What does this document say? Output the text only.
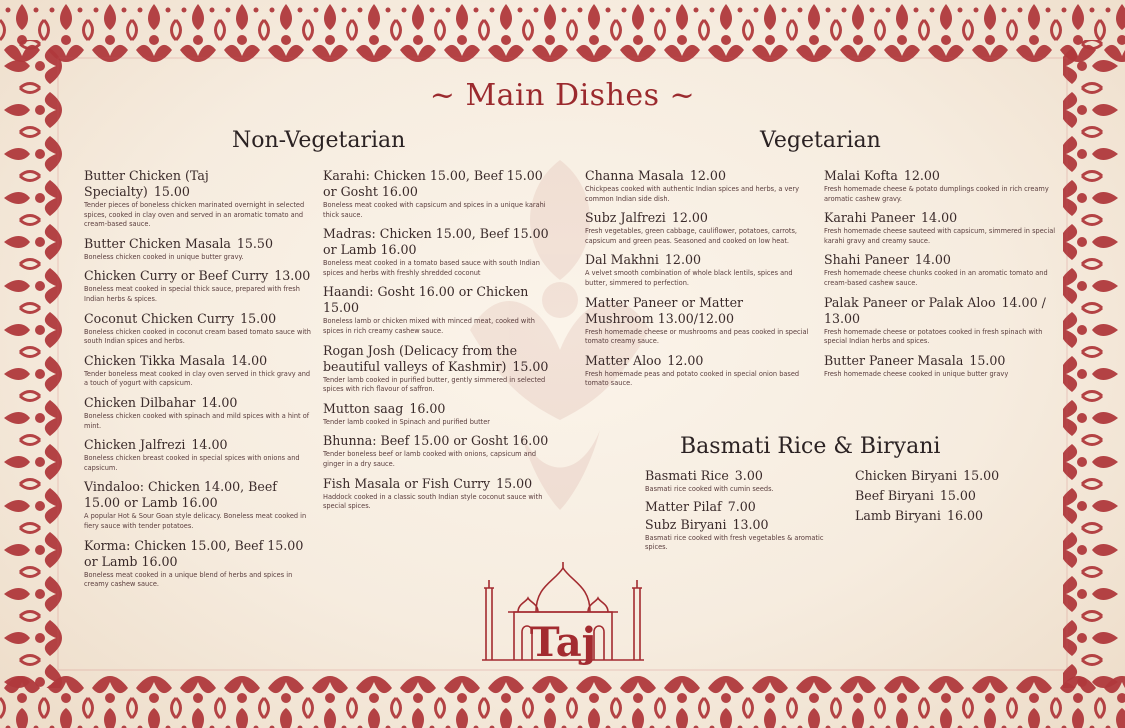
~ Main Dishes ~
Non-Vegetarian	Vegetarian
Basmati Rice & Biryani
Butter Chicken (Taj Specialty) 15.00
Tender pieces of boneless chicken marinated overnight in selected spices, cooked in clay oven and served in an aromatic tomato and cream-based sauce.
Butter Chicken Masala 15.50
Boneless chicken cooked in unique butter gravy.
Chicken Curry or Beef Curry 13.00
Boneless meat cooked in special thick sauce, prepared with fresh Indian herbs & spices.
Coconut Chicken Curry 15.00
Boneless chicken cooked in coconut cream based tomato sauce with south Indian spices and herbs.
Chicken Tikka Masala 14.00
Tender boneless meat cooked in clay oven served in thick gravy and a touch of yogurt with capsicum.
Chicken Dilbahar 14.00
Boneless chicken cooked with spinach and mild spices with a hint of mint.
Chicken Jalfrezi 14.00
Boneless chicken breast cooked in special spices with onions and capsicum.
Vindaloo: Chicken 14.00, Beef 15.00 or Lamb 16.00
A popular Hot & Sour Goan style delicacy. Boneless meat cooked in fiery sauce with tender potatoes.
Korma: Chicken 15.00, Beef 15.00 or Lamb 16.00
Boneless meat cooked in a unique blend of herbs and spices in creamy cashew sauce.
Karahi: Chicken 15.00, Beef 15.00 or Gosht 16.00
Boneless meat cooked with capsicum and spices in a unique karahi thick sauce.
Madras: Chicken 15.00, Beef 15.00 or Lamb 16.00
Boneless meat cooked in a tomato based sauce with south Indian spices and herbs with freshly shredded coconut
Haandi: Gosht 16.00 or Chicken 15.00
Boneless lamb or chicken mixed with minced meat, cooked with spices in rich creamy cashew sauce.
Rogan Josh (Delicacy from the beautiful valleys of Kashmir) 15.00
Tender lamb cooked in purified butter, gently simmered in selected spices with rich flavour of saffron.
Mutton saag 16.00
Tender lamb cooked in Spinach and purified butter
Bhunna: Beef 15.00 or Gosht 16.00
Tender boneless beef or lamb cooked with onions, capsicum and ginger in a dry sauce.
Fish Masala or Fish Curry 15.00
Haddock cooked in a classic south Indian style coconut sauce with special spices.
Channa Masala 12.00
Chickpeas cooked with authentic Indian spices and herbs, a very common Indian side dish.
Subz Jalfrezi 12.00
Fresh vegetables, green cabbage, cauliflower, potatoes, carrots, capsicum and green peas. Seasoned and cooked on low heat.
Dal Makhni 12.00
A velvet smooth combination of whole black lentils, spices and butter, simmered to perfection.
Matter Paneer or Matter Mushroom 13.00/12.00
Fresh homemade cheese or mushrooms and peas cooked in special tomato creamy sauce.
Matter Aloo 12.00
Fresh homemade peas and potato cooked in special onion based tomato sauce.
Malai Kofta 12.00
Fresh homemade cheese & potato dumplings cooked in rich creamy aromatic cashew gravy.
Karahi Paneer 14.00
Fresh homemade cheese sauteed with capsicum, simmered in special karahi gravy and creamy sauce.
Shahi Paneer 14.00
Fresh homemade cheese chunks cooked in an aromatic tomato and cream-based cashew sauce.
Palak Paneer or Palak Aloo 14.00 / 13.00
Fresh homemade cheese or potatoes cooked in fresh spinach with special Indian herbs and spices.
Butter Paneer Masala 15.00
Fresh homemade cheese cooked in unique butter gravy
Basmati Rice 3.00
Basmati rice cooked with cumin seeds.
Matter Pilaf 7.00
Subz Biryani 13.00
Basmati rice cooked with fresh vegetables & aromatic spices.
Chicken Biryani 15.00
Beef Biryani 15.00
Lamb Biryani 16.00
Taj
